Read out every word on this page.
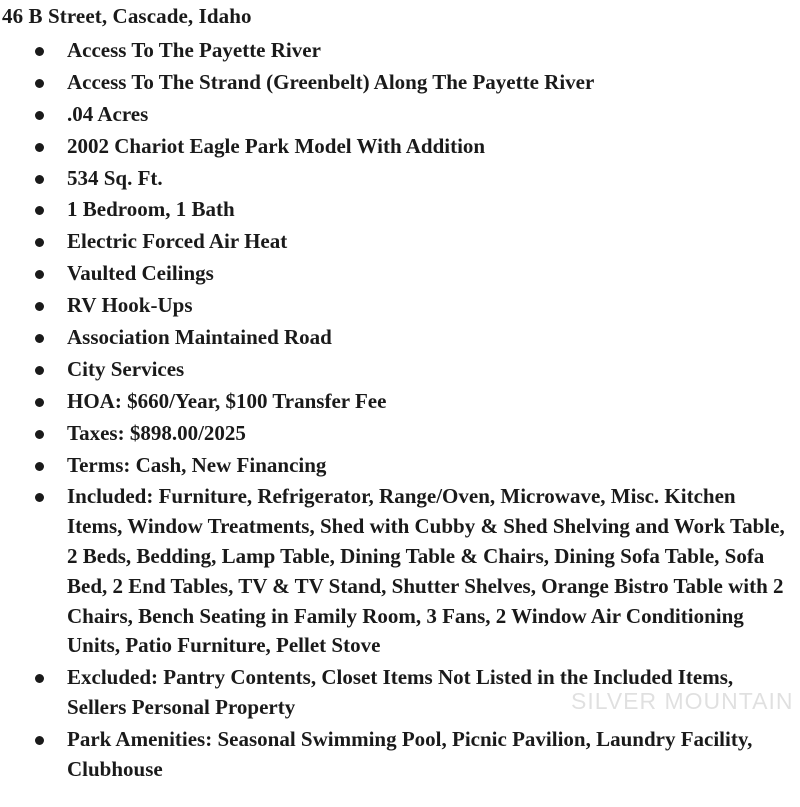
46 B Street, Cascade, Idaho
Access To The Payette River
Access To The Strand (Greenbelt) Along The Payette River
.04 Acres
2002 Chariot Eagle Park Model With Addition
534 Sq. Ft.
1 Bedroom, 1 Bath
Electric Forced Air Heat
Vaulted Ceilings
RV Hook-Ups
Association Maintained Road
City Services
HOA: $660/Year, $100 Transfer Fee
Taxes: $898.00/2025
Terms: Cash, New Financing
Included: Furniture, Refrigerator, Range/Oven, Microwave, Misc. Kitchen Items, Window Treatments, Shed with Cubby & Shed Shelving and Work Table, 2 Beds, Bedding, Lamp Table, Dining Table & Chairs, Dining Sofa Table, Sofa Bed, 2 End Tables, TV & TV Stand, Shutter Shelves, Orange Bistro Table with 2 Chairs, Bench Seating in Family Room, 3 Fans, 2 Window Air Conditioning Units, Patio Furniture, Pellet Stove
Excluded: Pantry Contents, Closet Items Not Listed in the Included Items, Sellers Personal Property
Park Amenities: Seasonal Swimming Pool, Picnic Pavilion, Laundry Facility, Clubhouse
SILVER MOUNTAIN
